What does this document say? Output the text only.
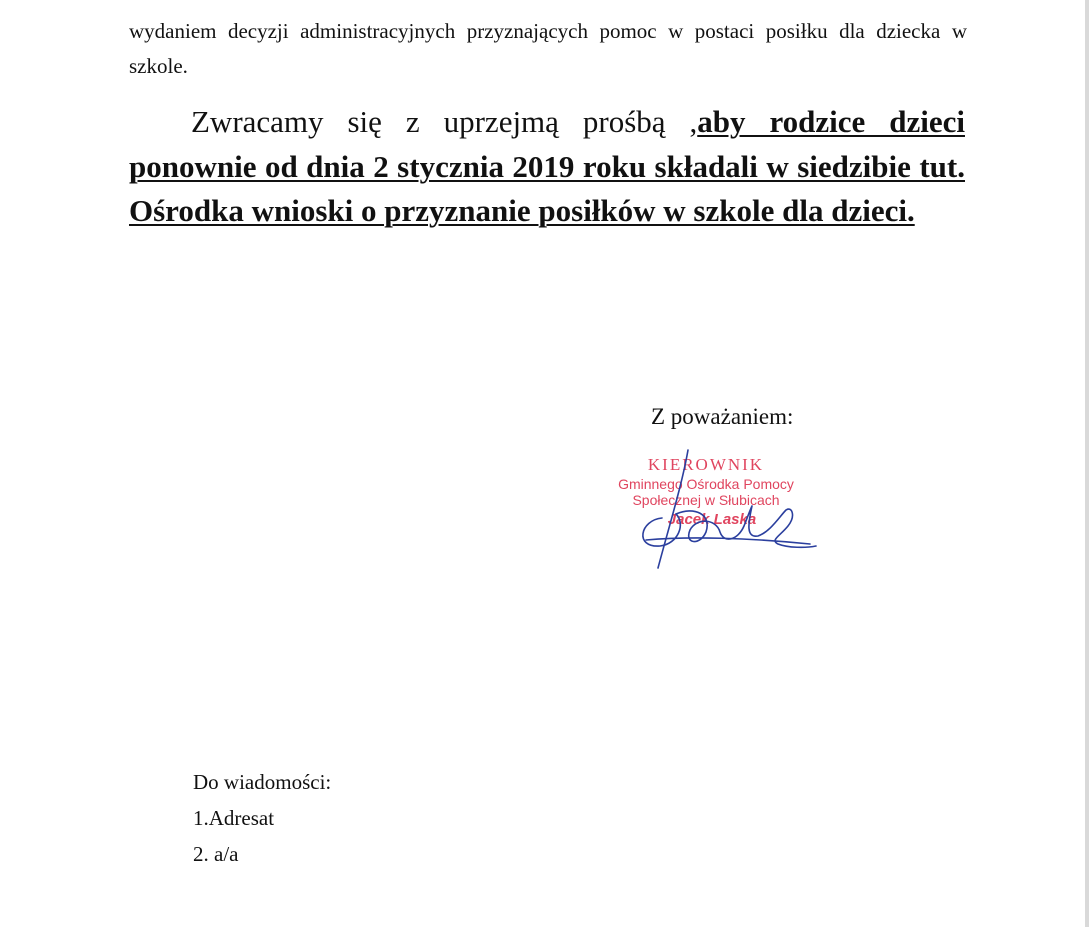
wydaniem decyzji administracyjnych przyznających pomoc w postaci posiłku dla dziecka w szkole.

Zwracamy się z uprzejmą prośbą ,aby rodzice dzieci ponownie od dnia 2 stycznia 2019 roku składali w siedzibie tut. Ośrodka wnioski o przyznanie posiłków w szkole dla dzieci.

Z poważaniem:
KIEROWNIK
Gminnego Ośrodka Pomocy
Społecznej w Słubicach
Jacek Laska
Do wiadomości:
1.Adresat
2. a/a
